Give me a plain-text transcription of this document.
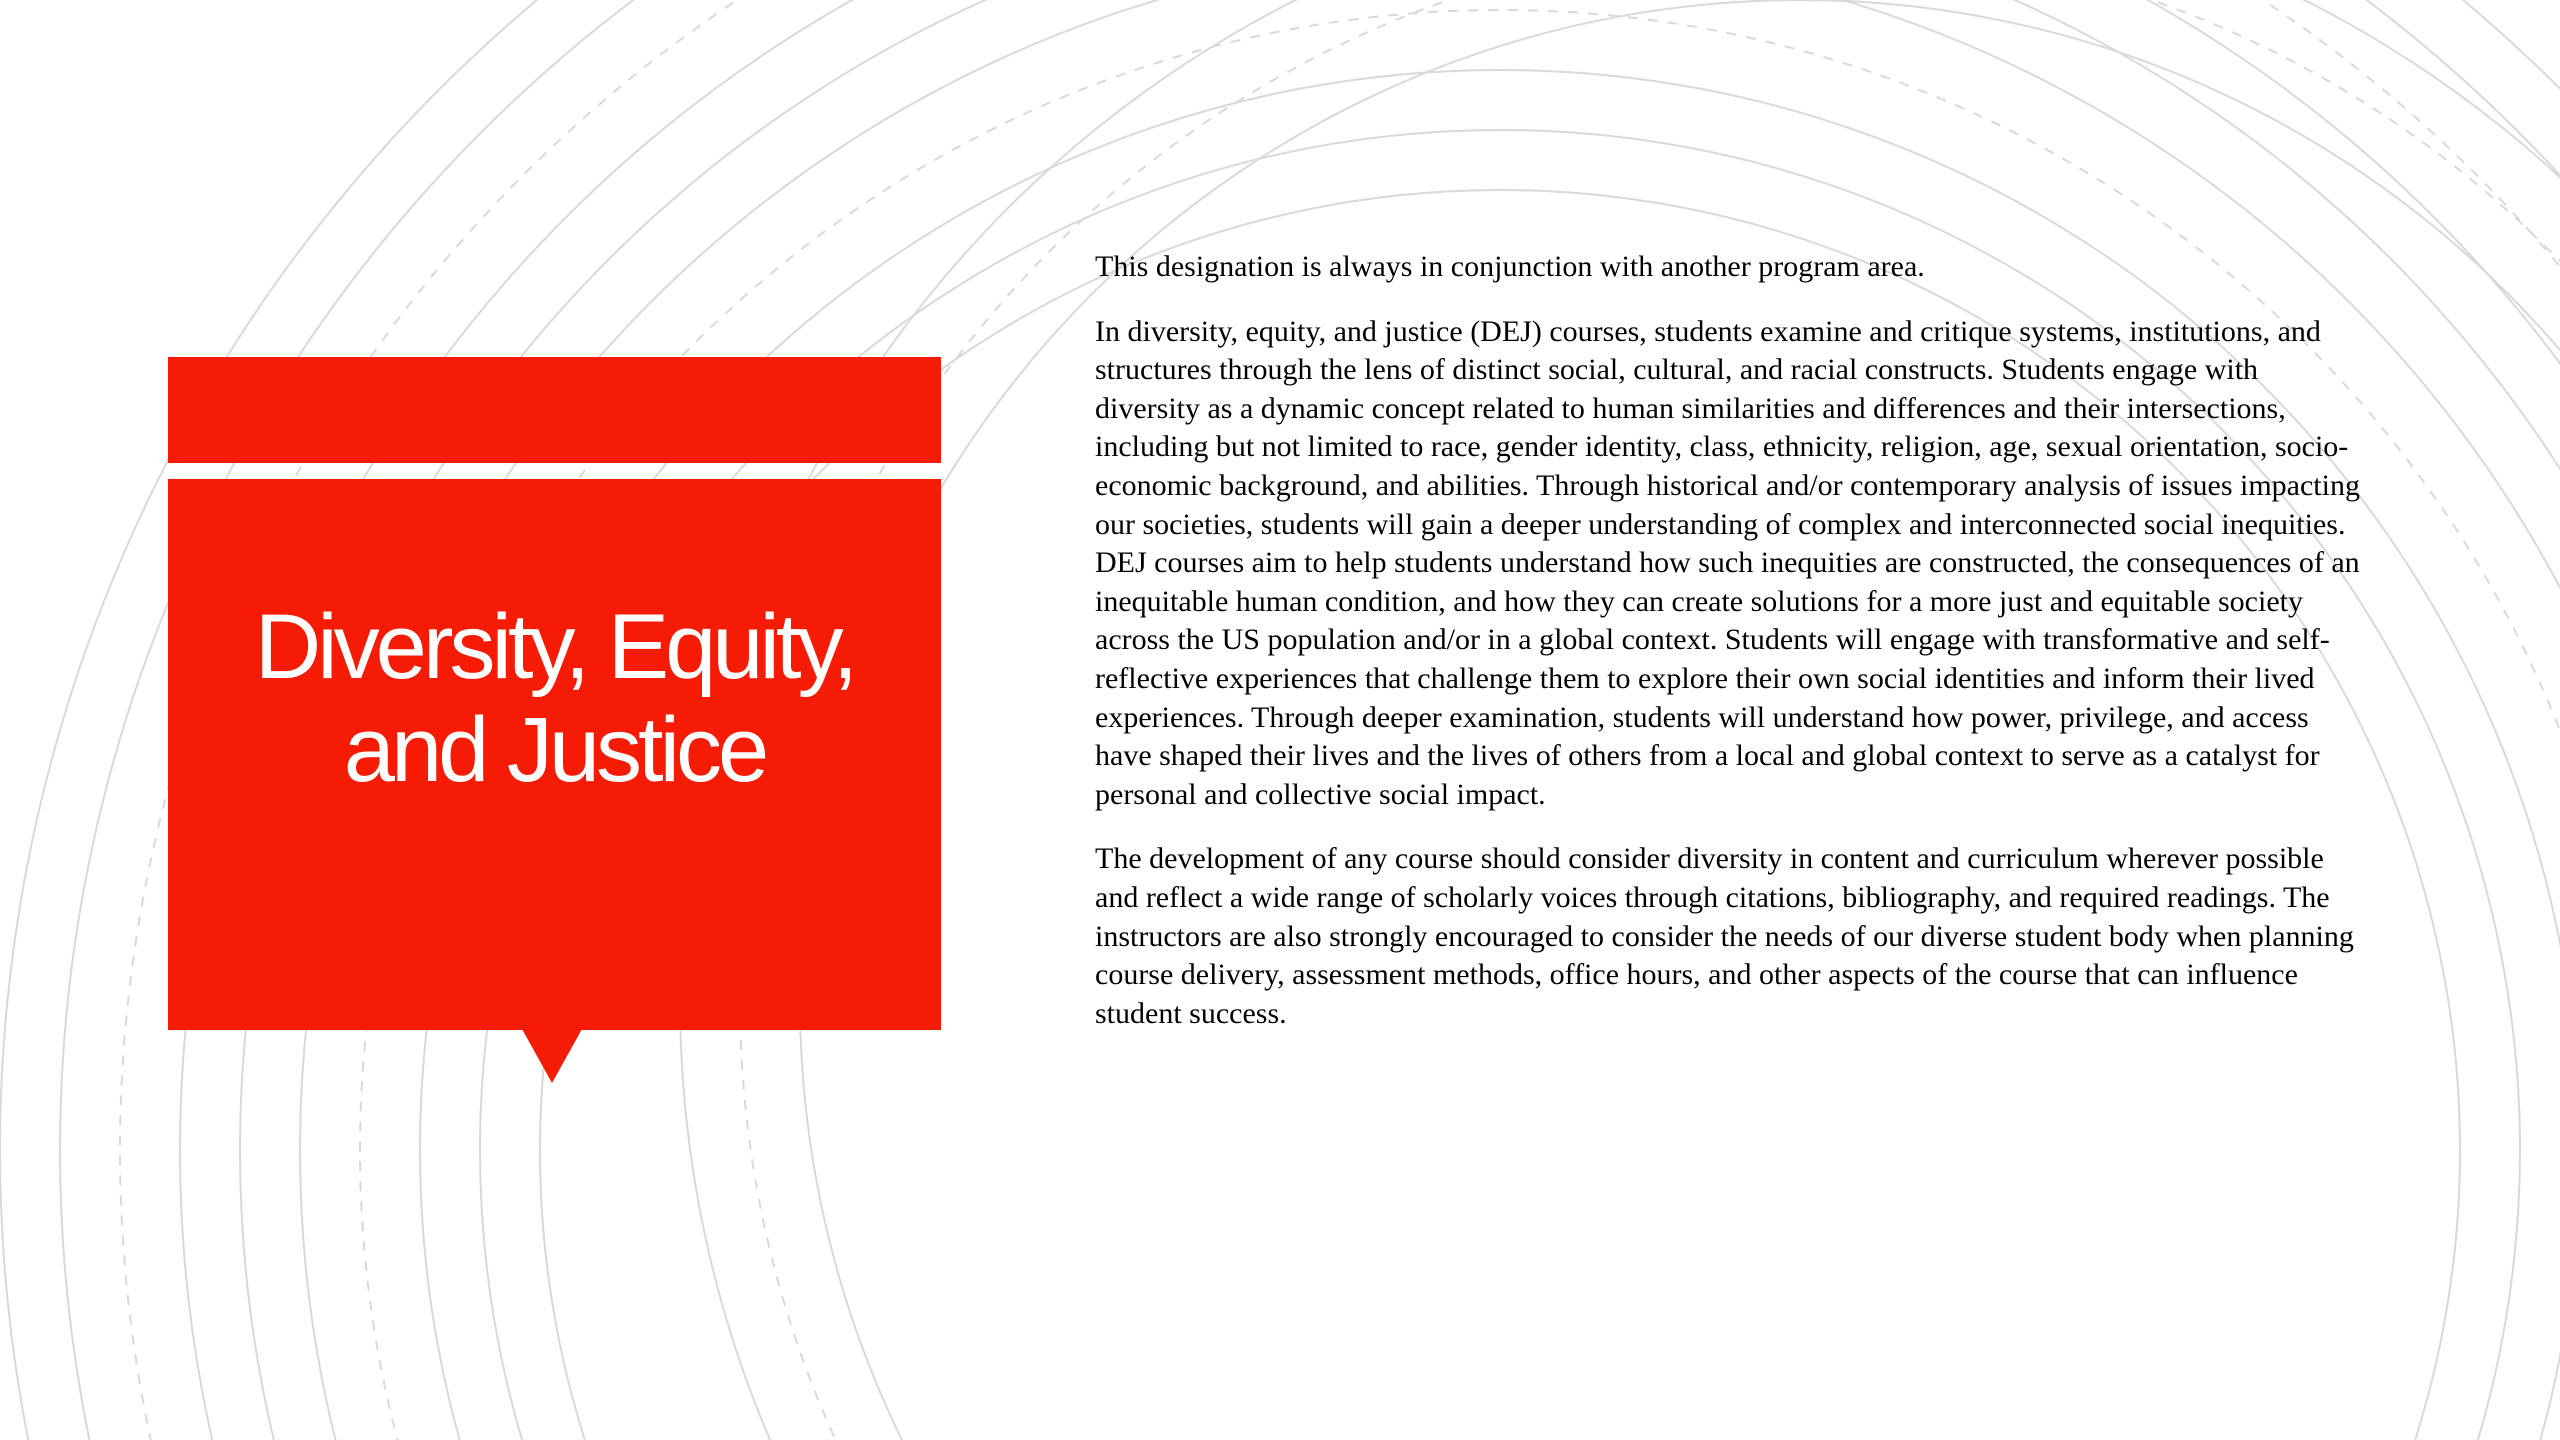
Diversity, Equity,
and Justice

This designation is always in conjunction with another program area.

In diversity, equity, and justice (DEJ) courses, students examine and critique systems, institutions, and structures through the lens of distinct social, cultural, and racial constructs. Students engage with diversity as a dynamic concept related to human similarities and differences and their intersections, including but not limited to race, gender identity, class, ethnicity, religion, age, sexual orientation, socio-economic background, and abilities. Through historical and/or contemporary analysis of issues impacting our societies, students will gain a deeper understanding of complex and interconnected social inequities. DEJ courses aim to help students understand how such inequities are constructed, the consequences of an inequitable human condition, and how they can create solutions for a more just and equitable society across the US population and/or in a global context. Students will engage with transformative and self-reflective experiences that challenge them to explore their own social identities and inform their lived experiences. Through deeper examination, students will understand how power, privilege, and access have shaped their lives and the lives of others from a local and global context to serve as a catalyst for personal and collective social impact.

The development of any course should consider diversity in content and curriculum wherever possible and reflect a wide range of scholarly voices through citations, bibliography, and required readings. The instructors are also strongly encouraged to consider the needs of our diverse student body when planning course delivery, assessment methods, office hours, and other aspects of the course that can influence student success.
